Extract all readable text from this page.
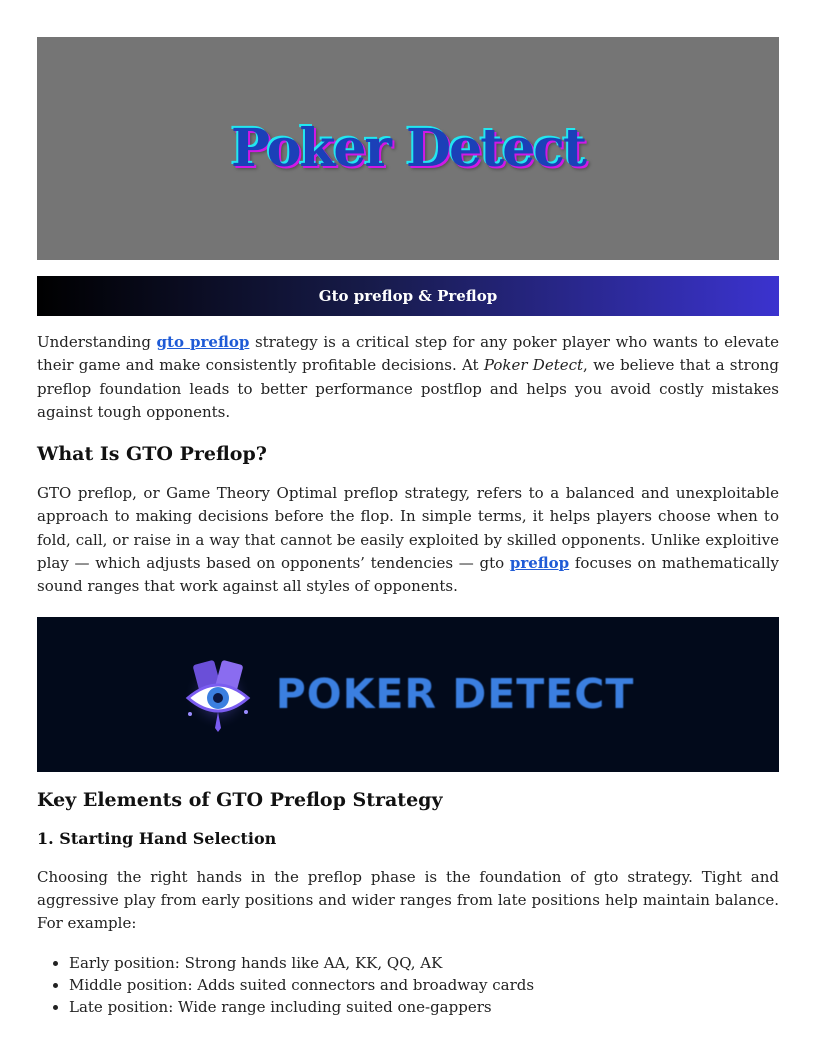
Poker Detect
Gto preflop & Preflop

Understanding gto preflop strategy is a critical step for any poker player who wants to elevate their game and make consistently profitable decisions. At Poker Detect, we believe that a strong preflop foundation leads to better performance postflop and helps you avoid costly mistakes against tough opponents.

What Is GTO Preflop?

GTO preflop, or Game Theory Optimal preflop strategy, refers to a balanced and unexploitable approach to making decisions before the flop. In simple terms, it helps players choose when to fold, call, or raise in a way that cannot be easily exploited by skilled opponents. Unlike exploitive play — which adjusts based on opponents’ tendencies — gto preflop focuses on mathematically sound ranges that work against all styles of opponents.

POKER DETECT
Key Elements of GTO Preflop Strategy
1. Starting Hand Selection

Choosing the right hands in the preflop phase is the foundation of gto strategy. Tight and aggressive play from early positions and wider ranges from late positions help maintain balance. For example:

• Early position: Strong hands like AA, KK, QQ, AK
• Middle position: Adds suited connectors and broadway cards
• Late position: Wide range including suited one-gappers
